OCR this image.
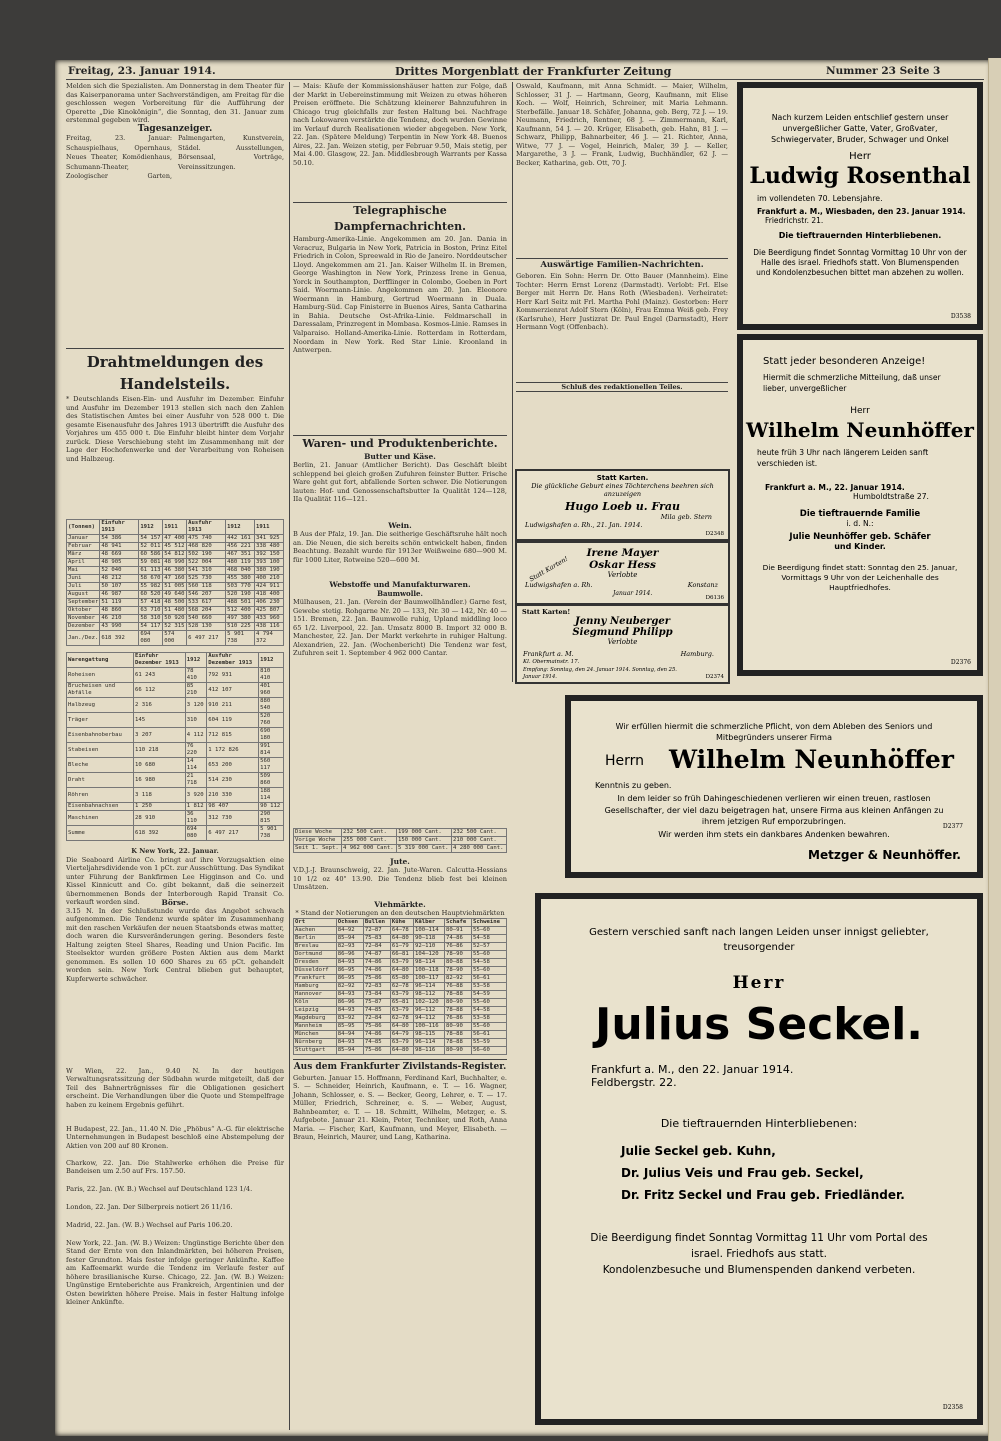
Freitag, 23. Januar 1914.	Drittes Morgenblatt der Frankfurter Zeitung	Nummer 23 Seite 3
Melden sich die Spezialisten. Am Donnerstag in dem Theater für das Kaiserpanorama unter Sachverständigen, am Freitag für die geschlossen wegen Vorbereitung für die Aufführung der Operette „Die Kinokönigin“, die Sonntag, den 31. Januar zum erstenmal gegeben wird.
Tagesanzeiger.
Freitag, 23. Januar: Schauspielhaus, Opernhaus, Neues Theater, Komödienhaus, Schumann-Theater, Zoologischer Garten, Palmengarten, Kunstverein, Städel. Ausstellungen, Börsensaal, Vorträge, Vereinssitzungen.
Drahtmeldungen des Handelsteils.
* Deutschlands Eisen-Ein- und Ausfuhr im Dezember. Einfuhr und Ausfuhr im Dezember 1913 stellen sich nach den Zahlen des Statistischen Amtes bei einer Ausfuhr von 528 000 t. Die gesamte Eisenausfuhr des Jahres 1913 übertrifft die Ausfuhr des Vorjahres um 455 000 t. Die Einfuhr bleibt hinter dem Vorjahr zurück. Diese Verschiebung steht im Zusammenhang mit der Lage der Hochofenwerke und der Verarbeitung von Roheisen und Halbzeug.
(Tonnen)	Einfuhr 1913	1912	1911	Ausfuhr 1913	1912	1911
Januar	54 386	54 157	47 400	475 740	442 161	341 925
Februar	48 941	52 011	45 512	468 820	456 221	338 480
März	48 669	60 586	54 812	502 190	467 351	392 150
April	48 905	59 081	48 990	522 004	480 119	393 100
Mai	52 040	61 113	46 380	541 310	468 040	380 190
Juni	48 212	58 670	47 160	525 730	455 380	400 210
Juli	50 107	55 982	51 005	560 118	503 770	424 911
August	46 987	60 520	49 640	546 207	520 190	418 400
September	51 119	57 418	48 500	533 617	488 501	406 230
Oktober	48 860	63 710	51 480	568 204	512 400	425 807
November	46 210	58 310	50 920	540 660	497 380	433 960
Dezember	43 990	54 117	52 315	528 130	510 225	438 116
Jan./Dez.	618 392	694 080	574 000	6 497 217	5 901 738	4 794 372
Warengattung	Einfuhr Dezember 1913	1912	Ausfuhr Dezember 1913	1912
Roheisen	61 243	78 410	792 931	810 410
Brucheisen und Abfälle	66 112	85 210	412 107	401 960
Halbzeug	2 316	3 120	910 211	880 540
Träger	145	310	604 119	520 760
Eisenbahnoberbau	3 207	4 112	712 815	690 180
Stabeisen	110 218	76 220	1 172 826	991 814
Bleche	10 680	14 114	653 200	560 117
Draht	16 980	21 718	514 230	509 860
Röhren	3 118	3 920	210 330	188 114
Eisenbahnachsen	1 250	1 812	98 407	90 112
Maschinen	28 910	36 110	312 730	290 815
Summe	618 392	694 080	6 497 217	5 901 738
K New York, 22. Januar.
Die Seaboard Airline Co. bringt auf ihre Vorzugsaktien eine Vierteljahrsdividende von 1 pCt. zur Ausschüttung. Das Syndikat unter Führung der Bankfirmen Lee Higginson and Co. und Kissel Kinnicutt and Co. gibt bekannt, daß die seinerzeit übernommenen Bonds der Interborough Rapid Transit Co. verkauft worden sind.	Börse.
3.15 N. In der Schlußstunde wurde das Angebot schwach aufgenommen. Die Tendenz wurde später im Zusammenhang mit den raschen Verkäufen der neuen Staatsbonds etwas matter, doch waren die Kursveränderungen gering. Besonders feste Haltung zeigten Steel Shares, Reading und Union Pacific. Im Steelsektor wurden größere Posten Aktien aus dem Markt genommen. Es sollen 10 600 Shares zu 65 pCt. gehandelt worden sein. New York Central blieben gut behauptet, Kupferwerte schwächer.
W Wien, 22. Jan., 9.40 N. In der heutigen Verwaltungsratssitzung der Südbahn wurde mitgeteilt, daß der Teil des Bahnerträgnisses für die Obligationen gesichert erscheint. Die Verhandlungen über die Quote und Stempelfrage haben zu keinem Ergebnis geführt.
H Budapest, 22. Jan., 11.40 N. Die „Phöbus“ A.-G. für elektrische Unternehmungen in Budapest beschloß eine Abstempelung der Aktien von 200 auf 80 Kronen.
Charkow, 22. Jan. Die Stahlwerke erhöhen die Preise für Bandeisen um 2.50 auf Frs. 157.50.
Paris, 22. Jan. (W. B.) Wechsel auf Deutschland 123 1/4.
London, 22. Jan. Der Silberpreis notiert 26 11/16.
Madrid, 22. Jan. (W. B.) Wechsel auf Paris 106.20.
New York, 22. Jan. (W. B.) Weizen: Ungünstige Berichte über den Stand der Ernte von den Inlandmärkten, bei höheren Preisen, fester Grundton. Mais fester infolge geringer Ankünfte. Kaffee am Kaffeemarkt wurde die Tendenz im Verlaufe fester auf höhere brasilianische Kurse. Chicago, 22. Jan. (W. B.) Weizen: Ungünstige Ernteberichte aus Frankreich, Argentinien und der Osten bewirkten höhere Preise. Mais in fester Haltung infolge kleiner Ankünfte.
— Mais: Käufe der Kommissionshäuser hatten zur Folge, daß der Markt in Uebereinstimmung mit Weizen zu etwas höheren Preisen eröffnete. Die Schätzung kleinerer Bahnzufuhren in Chicago trug gleichfalls zur festen Haltung bei. Nachfrage nach Lokowaren verstärkte die Tendenz, doch wurden Gewinne im Verlauf durch Realisationen wieder abgegeben. New York, 22. Jan. (Spätere Meldung) Terpentin in New York 48. Buenos Aires, 22. Jan. Weizen stetig, per Februar 9.50, Mais stetig, per Mai 4.00. Glasgow, 22. Jan. Middlesbrough Warrants per Kassa 50.10.
Telegraphische Dampfernachrichten.
Hamburg-Amerika-Linie. Angekommen am 20. Jan. Dania in Veracruz, Bulgaria in New York, Patricia in Boston, Prinz Eitel Friedrich in Colon, Spreewald in Rio de Janeiro. Norddeutscher Lloyd. Angekommen am 21. Jan. Kaiser Wilhelm II. in Bremen, George Washington in New York, Prinzess Irene in Genua, Yorck in Southampton, Derfflinger in Colombo, Goeben in Port Said. Woermann-Linie. Angekommen am 20. Jan. Eleonore Woermann in Hamburg, Gertrud Woermann in Duala. Hamburg-Süd. Cap Finisterre in Buenos Aires, Santa Catharina in Bahia. Deutsche Ost-Afrika-Linie. Feldmarschall in Daressalam, Prinzregent in Mombasa. Kosmos-Linie. Ramses in Valparaiso. Holland-Amerika-Linie. Rotterdam in Rotterdam, Noordam in New York. Red Star Linie. Kroonland in Antwerpen.
Waren- und Produktenberichte.
Butter und Käse.
Berlin, 21. Januar (Amtlicher Bericht). Das Geschäft bleibt schleppend bei gleich großen Zufuhren feinster Butter. Frische Ware geht gut fort, abfallende Sorten schwer. Die Notierungen lauten: Hof- und Genossenschaftsbutter Ia Qualität 124—128, IIa Qualität 116—121.
Wein.
B Aus der Pfalz, 19. Jan. Die seitherige Geschäftsruhe hält noch an. Die Neuen, die sich bereits schön entwickelt haben, finden Beachtung. Bezahlt wurde für 1913er Weißweine 680—900 M. für 1000 Liter, Rotweine 520—600 M.
Webstoffe und Manufakturwaren.
Baumwolle.
Mülhausen, 21. Jan. (Verein der Baumwollhändler.) Garne fest, Gewebe stetig. Rohgarne Nr. 20 — 133, Nr. 30 — 142, Nr. 40 — 151. Bremen, 22. Jan. Baumwolle ruhig, Upland middling loco 65 1/2. Liverpool, 22. Jan. Umsatz 8000 B. Import 32 000 B. Manchester, 22. Jan. Der Markt verkehrte in ruhiger Haltung. Alexandrien, 22. Jan. (Wochenbericht) Die Tendenz war fest, Zufuhren seit 1. September 4 962 000 Cantar.
Diese Woche	232 500 Cant.	199 000 Cant.	232 500 Cant.
Vorige Woche	255 000 Cant.	150 000 Cant.	210 000 Cant.
Seit 1. Sept.	4 962 000 Cant.	5 319 000 Cant.	4 280 000 Cant.
Jute.
V.D.J.-J. Braunschweig, 22. Jan. Jute-Waren. Calcutta-Hessians 10 1/2 oz 40" 13.90. Die Tendenz blieb fest bei kleinen Umsätzen.
Viehmärkte.
* Stand der Notierungen an den deutschen Hauptviehmärkten
Ort	Ochsen	Bullen	Kühe	Kälber	Schafe	Schweine
Aachen	84—92	72—87	64—78	100—114	80—91	55—60
Berlin	85—94	75—83	64—80	90—118	74—86	54—58
Breslau	82—93	72—84	61—79	92—110	76—86	52—57
Dortmund	86—96	74—87	66—81	104—120	78—90	55—60
Dresden	84—93	74—86	63—79	98—114	80—88	54—58
Düsseldorf	86—95	74—86	64—80	100—118	78—90	55—60
Frankfurt	86—95	75—86	65—80	100—117	82—92	56—61
Hamburg	82—92	72—83	62—78	96—114	76—88	53—58
Hannover	84—93	73—84	63—79	98—112	78—88	54—59
Köln	86—96	75—87	65—81	102—120	80—90	55—60
Leipzig	84—93	74—85	63—79	96—112	78—88	54—58
Magdeburg	83—92	72—84	62—78	94—112	76—86	53—58
Mannheim	85—95	75—86	64—80	100—116	80—90	55—60
München	84—94	74—86	64—79	98—115	78—88	56—61
Nürnberg	84—93	74—85	63—79	96—114	78—88	55—59
Stuttgart	85—94	75—86	64—80	98—116	80—90	56—60
Aus dem Frankfurter Zivilstands-Register.
Geburten. Januar 15. Hoffmann, Ferdinand Karl, Buchhalter, e. S. — Schneider, Heinrich, Kaufmann, e. T. — 16. Wagner, Johann, Schlosser, e. S. — Becker, Georg, Lehrer, e. T. — 17. Müller, Friedrich, Schreiner, e. S. — Weber, August, Bahnbeamter, e. T. — 18. Schmitt, Wilhelm, Metzger, e. S. Aufgebote. Januar 21. Klein, Peter, Techniker, und Roth, Anna Maria. — Fischer, Karl, Kaufmann, und Meyer, Elisabeth. — Braun, Heinrich, Maurer, und Lang, Katharina.
Oswald, Kaufmann, mit Anna Schmidt. — Maier, Wilhelm, Schlosser, 31 J. — Hartmann, Georg, Kaufmann, mit Elise Koch. — Wolf, Heinrich, Schreiner, mit Maria Lehmann. Sterbefälle. Januar 18. Schäfer, Johanna, geb. Berg, 72 J. — 19. Neumann, Friedrich, Rentner, 68 J. — Zimmermann, Karl, Kaufmann, 54 J. — 20. Krüger, Elisabeth, geb. Hahn, 81 J. — Schwarz, Philipp, Bahnarbeiter, 46 J. — 21. Richter, Anna, Witwe, 77 J. — Vogel, Heinrich, Maler, 39 J. — Keller, Margarethe, 3 J. — Frank, Ludwig, Buchhändler, 62 J. — Becker, Katharina, geb. Ott, 70 J.
Auswärtige Familien-Nachrichten.
Geboren. Ein Sohn: Herrn Dr. Otto Bauer (Mannheim). Eine Tochter: Herrn Ernst Lorenz (Darmstadt). Verlobt: Frl. Else Berger mit Herrn Dr. Hans Roth (Wiesbaden). Verheiratet: Herr Karl Seitz mit Frl. Martha Pohl (Mainz). Gestorben: Herr Kommerzienrat Adolf Stern (Köln), Frau Emma Weiß geb. Frey (Karlsruhe), Herr Justizrat Dr. Paul Engel (Darmstadt), Herr Hermann Vogt (Offenbach).
Schluß des redaktionellen Teiles.
Statt Karten.
Die glückliche Geburt eines Töchterchens beehren sich anzuzeigen
Hugo Loeb u. Frau
Mila geb. Stern
Ludwigshafen a. Rh., 21. Jan. 1914.
D2348
Statt Karten!
Irene Mayer
Oskar Hess
Verlobte
Ludwigshafen a. Rh.	Konstanz
Januar 1914.
D6136
Statt Karten!
Jenny Neuberger
Siegmund Philipp
Verlobte
Frankfurt a. M.	Hamburg.
Kl. Obermainstr. 17.
Empfang: Sonntag, den 24. Januar 1914. Sonntag, den 25. Januar 1914.	D2374
Nach kurzem Leiden entschlief gestern unser unvergeßlicher Gatte, Vater, Großvater, Schwiegervater, Bruder, Schwager und Onkel
Herr
Ludwig Rosenthal
im vollendeten 70. Lebensjahre.
Frankfurt a. M., Wiesbaden, den 23. Januar 1914.
Friedrichstr. 21.
Die tieftrauernden Hinterbliebenen.
Die Beerdigung findet Sonntag Vormittag 10 Uhr von der Halle des israel. Friedhofs statt. Von Blumenspenden und Kondolenzbesuchen bittet man abzehen zu wollen.
D3538
Statt jeder besonderen Anzeige!
Hiermit die schmerzliche Mitteilung, daß unser lieber, unvergeßlicher
Herr
Wilhelm Neunhöffer
heute früh 3 Uhr nach längerem Leiden sanft verschieden ist.
Frankfurt a. M., 22. Januar 1914.
Humboldtstraße 27.
Die tieftrauernde Familie
i. d. N.:
Julie Neunhöffer geb. Schäfer
und Kinder.
Die Beerdigung findet statt: Sonntag den 25. Januar, Vormittags 9 Uhr von der Leichenhalle des Hauptfriedhofes.
D2376
Wir erfüllen hiermit die schmerzliche Pflicht, von dem Ableben des Seniors und Mitbegründers unserer Firma
Herrn Wilhelm Neunhöffer
Kenntnis zu geben.
In dem leider so früh Dahingeschiedenen verlieren wir einen treuen, rastlosen Gesellschafter, der viel dazu beigetragen hat, unsere Firma aus kleinen Anfängen zu ihrem jetzigen Ruf emporzubringen.
Wir werden ihm stets ein dankbares Andenken bewahren.
D2377
Metzger & Neunhöffer.
Gestern verschied sanft nach langen Leiden unser innigst geliebter, treusorgender
Herr
Julius Seckel.
Frankfurt a. M., den 22. Januar 1914.
Feldbergstr. 22.
Die tieftrauernden Hinterbliebenen:
Julie Seckel geb. Kuhn,
Dr. Julius Veis und Frau geb. Seckel,
Dr. Fritz Seckel und Frau geb. Friedländer.
Die Beerdigung findet Sonntag Vormittag 11 Uhr vom Portal des israel. Friedhofs aus statt.
Kondolenzbesuche und Blumenspenden dankend verbeten.
D2358
